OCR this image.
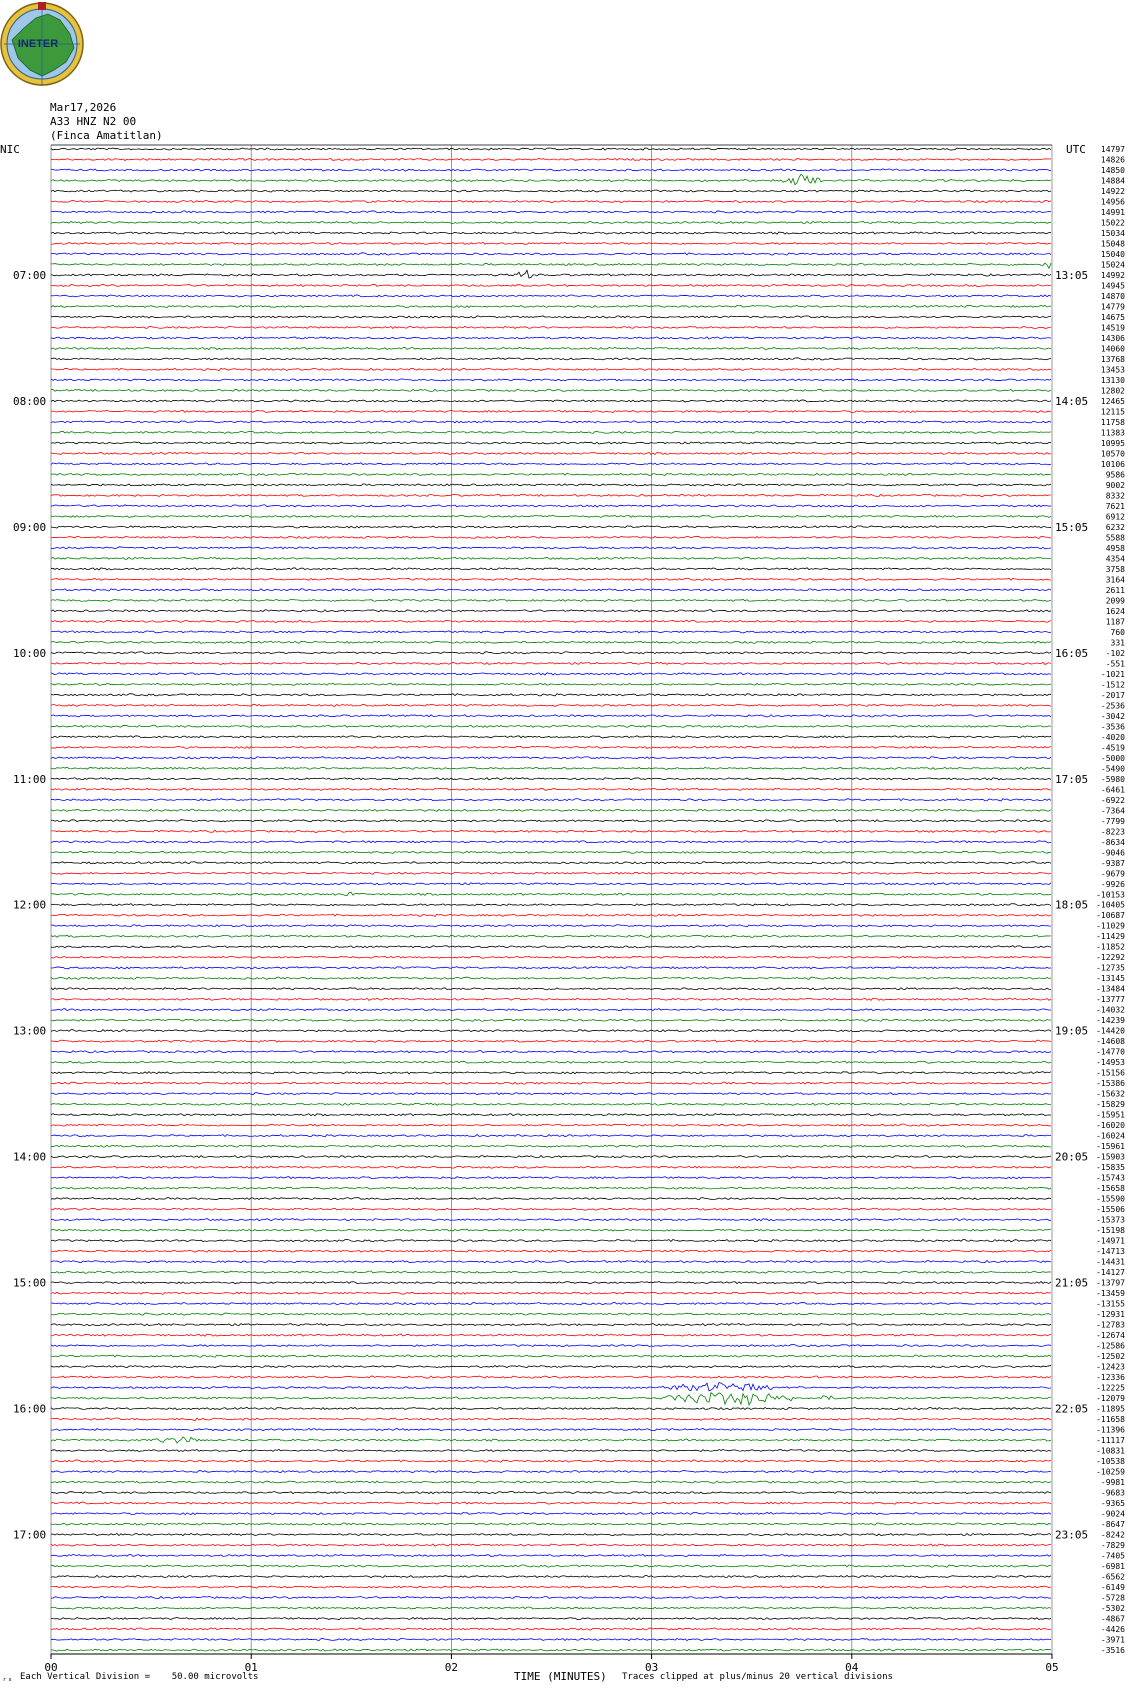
INETER
Mar17,2026
A33 HNZ N2 00
(Finca Amatitlan)
00	01	02	03	04	05
14797
14826
14850
14884
14922
14956
14991
15022
15034
15048
15040
15024
14992
14945
14870
14779
14675
14519
14306
14060
13768
13453
13130
12802
12465
12115
11758
11383
10995
10570
10106
9586
9002
8332
7621
6912
6232
5588
4958
4354
3758
3164
2611
2099
1624
1187
760
331
-102
-551
-1021
-1512
-2017
-2536
-3042
-3536
-4020
-4519
-5000
-5490
-5980
-6461
-6922
-7364
-7799
-8223
-8634
-9046
-9387
-9679
-9926
-10153
-10405
-10687
-11029
-11429
-11852
-12292
-12735
-13145
-13484
-13777
-14032
-14239
-14420
-14608
-14770
-14953
-15156
-15386
-15632
-15829
-15951
-16020
-16024
-15961
-15903
-15835
-15743
-15658
-15590
-15506
-15373
-15198
-14971
-14713
-14431
-14127
-13797
-13459
-13155
-12931
-12783
-12674
-12586
-12502
-12423
-12336
-12225
-12079
-11895
-11658
-11396
-11117
-10831
-10538
-10259
-9981
-9683
-9365
-9024
-8647
-8242
-7829
-7405
-6981
-6562
-6149
-5728
-5302
-4867
-4426
-3971
-3516
NIC	UTC
07:00
08:00
09:00
10:00
11:00
12:00
13:00
14:00
15:00
16:00
17:00
13:05
14:05
15:05
16:05
17:05
18:05
19:05
20:05
21:05
22:05
23:05
ᵣₛ Each Vertical Division =    50.00 microvolts	TIME (MINUTES) Traces clipped at plus/minus 20 vertical divisions
